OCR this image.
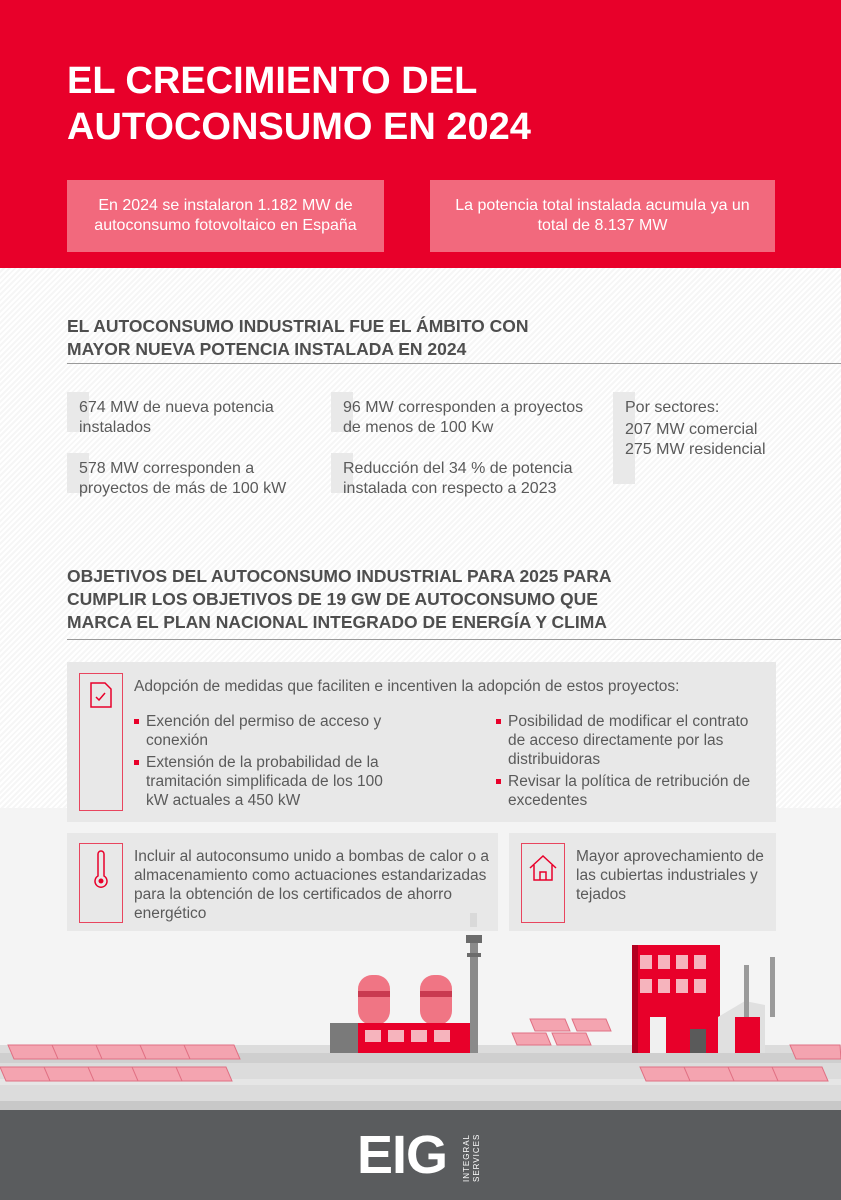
EL CRECIMIENTO DEL AUTOCONSUMO EN 2024
En 2024 se instalaron 1.182 MW de autoconsumo fotovoltaico en España
La potencia total instalada acumula ya un total de 8.137 MW
EL AUTOCONSUMO INDUSTRIAL FUE EL ÁMBITO CON MAYOR NUEVA POTENCIA INSTALADA EN 2024
674 MW de nueva potencia instalados
578 MW corresponden a proyectos de más de 100 kW
96 MW corresponden a proyectos de menos de 100 Kw
Reducción del 34 % de potencia instalada con respecto a 2023
Por sectores:
207 MW comercial
275 MW residencial
OBJETIVOS DEL AUTOCONSUMO INDUSTRIAL PARA 2025 PARA CUMPLIR LOS OBJETIVOS DE 19 GW DE AUTOCONSUMO QUE MARCA EL PLAN NACIONAL INTEGRADO DE ENERGÍA Y CLIMA
Adopción de medidas que faciliten e incentiven la adopción de estos proyectos:
Exención del permiso de acceso y conexión
Extensión de la probabilidad de la tramitación simplificada de los 100 kW actuales a 450 kW
Posibilidad de modificar el contrato de acceso directamente por las distribuidoras
Revisar la política de retribución de excedentes
Incluir al autoconsumo unido a bombas de calor o a almacenamiento como actuaciones estandarizadas para la obtención de los certificados de ahorro energético
Mayor aprovechamiento de las cubiertas industriales y tejados
EIG INTEGRAL SERVICES
